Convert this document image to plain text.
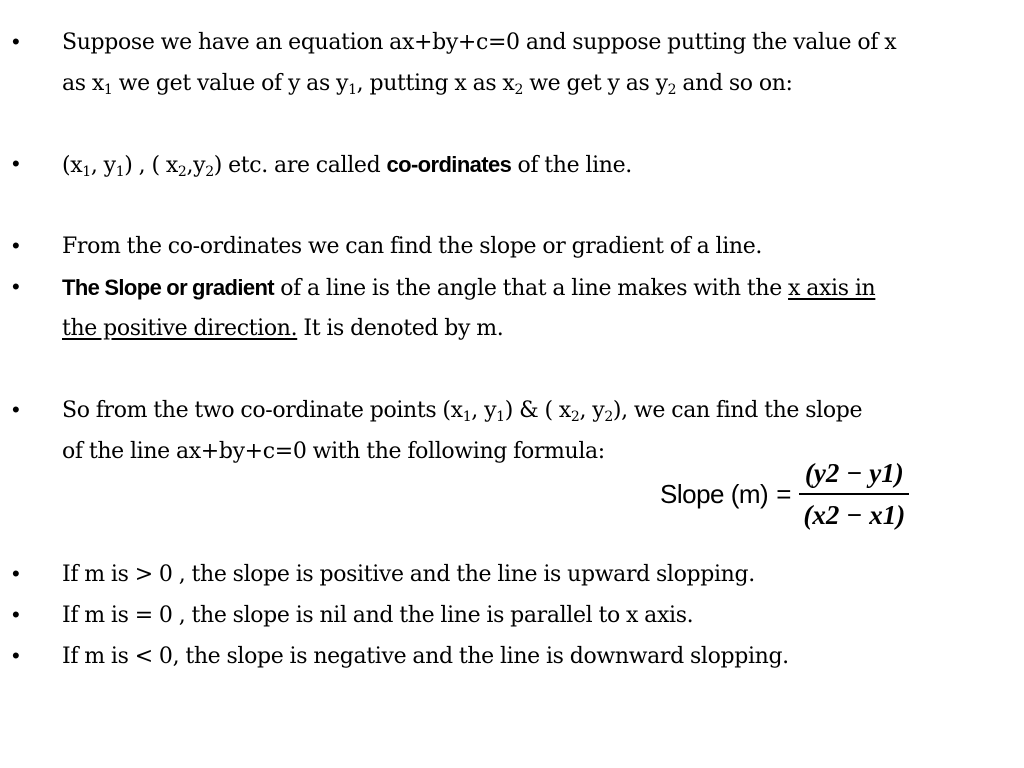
• Suppose we have an equation ax+by+c=0 and suppose putting the value of x
as $x_1$ we get value of y as $y_1$, putting x as $x_2$ we get y as $y_2$ and so on:
• ($x_1$, $y_1$) , ( $x_2,y_2$) etc. are called co-ordinates of the line.
• From the co-ordinates we can find the slope or gradient of a line.
• The Slope or gradient of a line is the angle that a line makes with the x axis in
the positive direction. It is denoted by m.
• So from the two co-ordinate points ($x_1$, $y_1$) & ( $x_2$, $y_2$), we can find the slope
of the line ax+by+c=0 with the following formula:
Slope $(m) = \frac{(y2 - y1)}{(x2 - x1)}$
• If m is > 0 , the slope is positive and the line is upward slopping.
• If m is = 0 , the slope is nil and the line is parallel to x axis.
• If m is < 0, the slope is negative and the line is downward slopping.
